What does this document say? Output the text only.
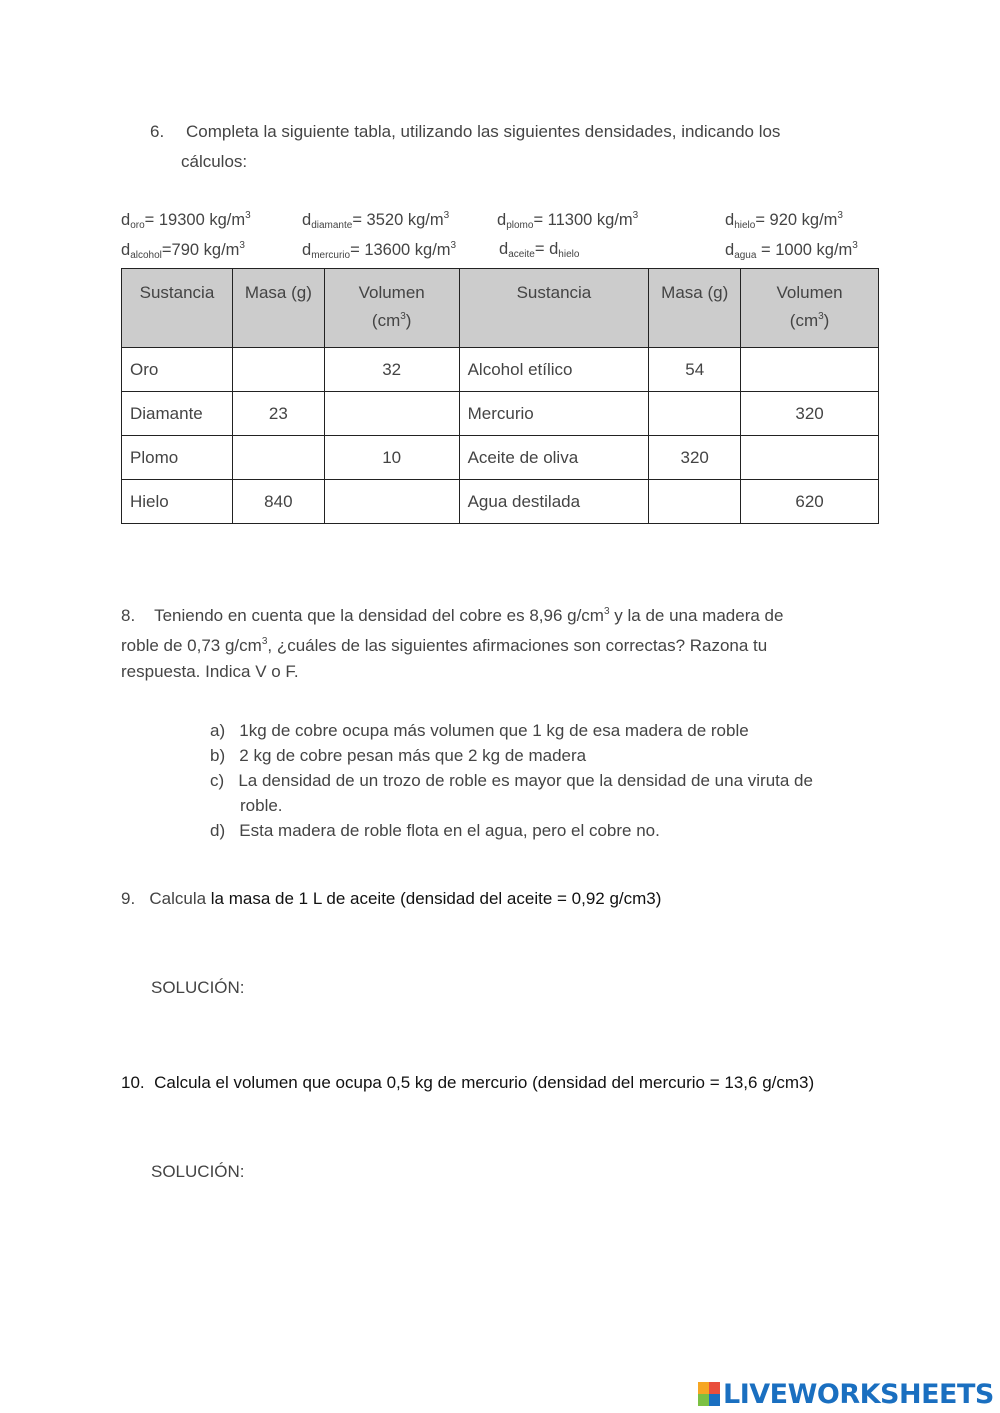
6. Completa la siguiente tabla, utilizando las siguientes densidades, indicando los
cálculos:
$d_{oro}= 19300$ $kg/m^3$	$d_{diamante}= 3520$ $kg/m^3$	$d_{plomo}= 11300$ $kg/m^3$	$d_{hielo}= 920$ $kg/m^3$
$d_{alcohol}=790$ $kg/m^3$	$d_{mercurio}= 13600$ $kg/m^3$	$d_{aceite}= d_{hielo}$	$d_{agua} = 1000$ $kg/m^3$
Sustancia	Masa (g)	Volumen
$(cm^3)$	Sustancia	Masa (g)	Volumen
$(cm^3)$
Oro		32	Alcohol etílico	54	
Diamante	23		Mercurio		320
Plomo		10	Aceite de oliva	320	
Hielo	840		Agua destilada		620
8. Teniendo en cuenta que la densidad del cobre es 8,96 $g/cm^3$ y la de una madera de
roble de 0,73 $g/cm^3$, ¿cuáles de las siguientes afirmaciones son correctas? Razona tu
respuesta. Indica V o F.
a) 1kg de cobre ocupa más volumen que 1 kg de esa madera de roble
b) 2 kg de cobre pesan más que 2 kg de madera
c) La densidad de un trozo de roble es mayor que la densidad de una viruta de
roble.
d) Esta madera de roble flota en el agua, pero el cobre no.
9. Calcula la masa de 1 L de aceite (densidad del aceite = 0,92 g/cm3)
SOLUCIÓN:
10. Calcula el volumen que ocupa 0,5 kg de mercurio (densidad del mercurio = 13,6 g/cm3)
SOLUCIÓN:
LIVEWORKSHEETS
